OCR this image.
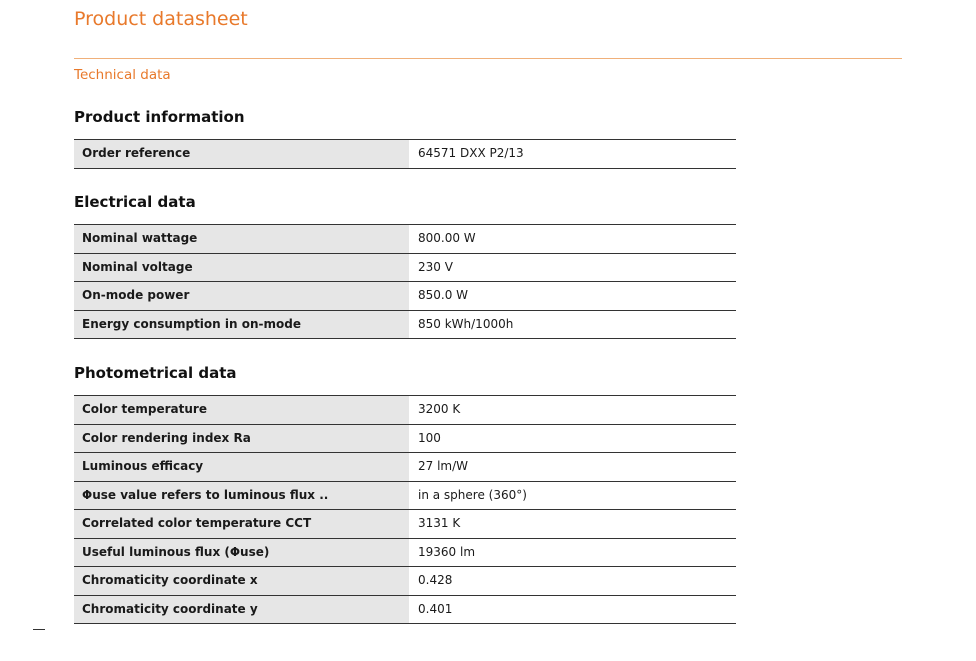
Product datasheet
Technical data
Product information
Order reference	64571 DXX P2/13
Electrical data
Nominal wattage	800.00 W
Nominal voltage	230 V
On-mode power	850.0 W
Energy consumption in on-mode	850 kWh/1000h
Photometrical data
Color temperature	3200 K
Color rendering index Ra	100
Luminous efficacy	27 lm/W
Φuse value refers to luminous flux ..	in a sphere (360°)
Correlated color temperature CCT	3131 K
Useful luminous flux (Φuse)	19360 lm
Chromaticity coordinate x	0.428
Chromaticity coordinate y	0.401
